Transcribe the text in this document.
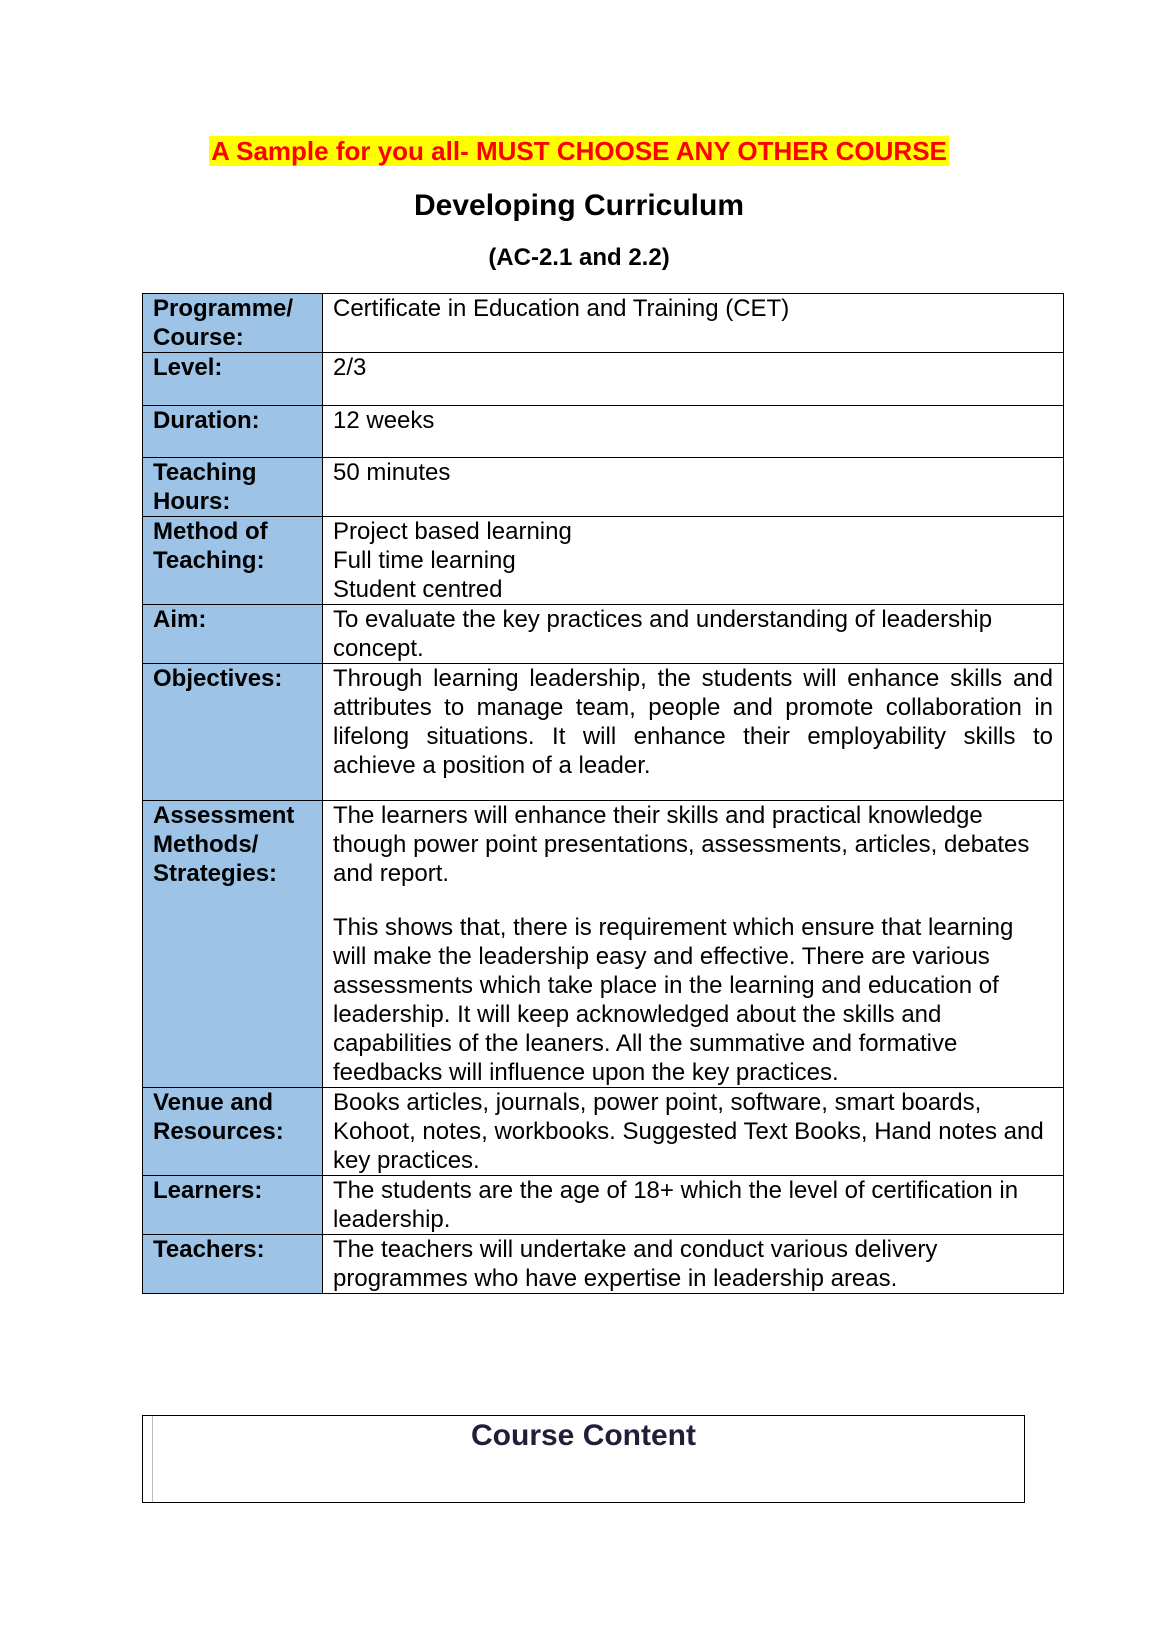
A Sample for you all- MUST CHOOSE ANY OTHER COURSE
Developing Curriculum
(AC-2.1 and 2.2)
Programme/ Course:	Certificate in Education and Training (CET)
Level:	2/3
Duration:	12 weeks
Teaching Hours:	50 minutes
Method of Teaching:	Project based learning
Full time learning
Student centred

Aim:	To evaluate the key practices and understanding of leadership concept.
Objectives:	Through learning leadership, the students will enhance skills and attributes to manage team, people and promote collaboration in lifelong situations. It will enhance their employability skills to achieve a position of a leader.
Assessment Methods/ Strategies:	The learners will enhance their skills and practical knowledge though power point presentations, assessments, articles, debates and report.
This shows that, there is requirement which ensure that learning will make the leadership easy and effective. There are various assessments which take place in the learning and education of leadership. It will keep acknowledged about the skills and capabilities of the leaners. All the summative and formative feedbacks will influence upon the key practices.

Venue and Resources:	Books articles, journals, power point, software, smart boards, Kohoot, notes, workbooks. Suggested Text Books, Hand notes and key practices.
Learners:	The students are the age of 18+ which the level of certification in leadership.
Teachers:	The teachers will undertake and conduct various delivery programmes who have expertise in leadership areas.
Course Content
